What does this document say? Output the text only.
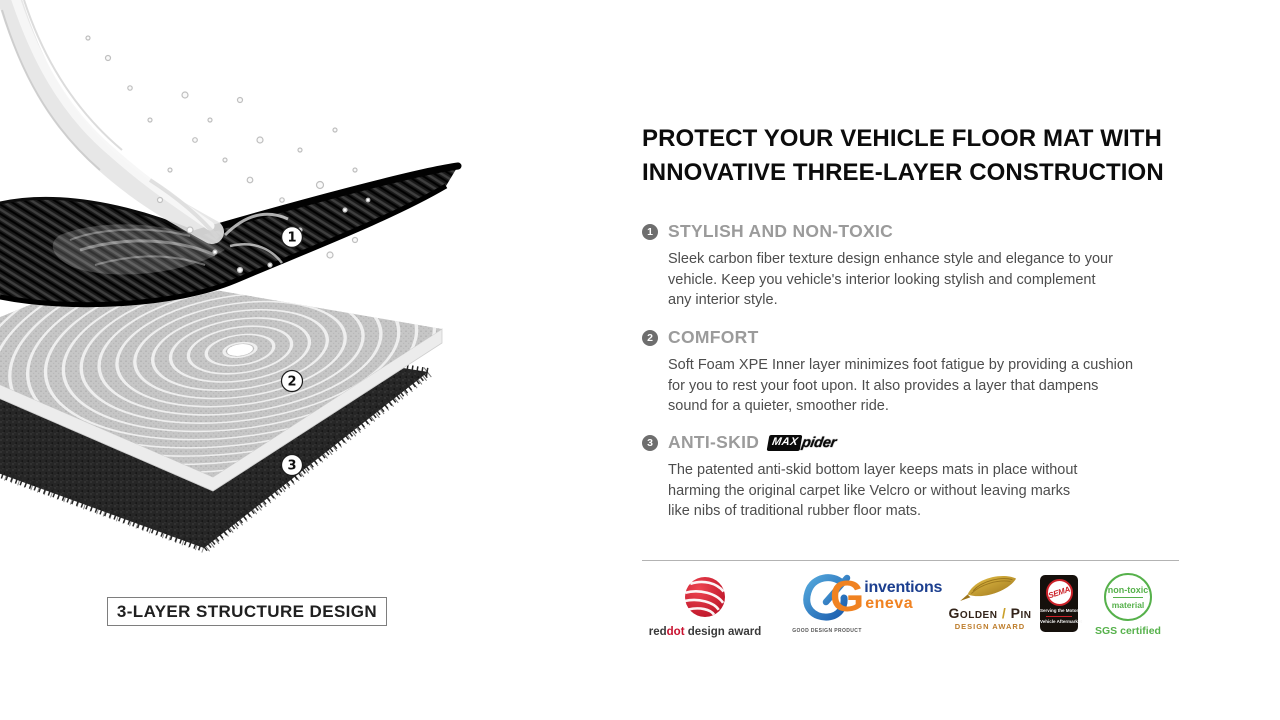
1
2
3
3-LAYER STRUCTURE DESIGN
PROTECT YOUR VEHICLE FLOOR MAT WITH
INNOVATIVE THREE-LAYER CONSTRUCTION
1 STYLISH AND NON-TOXIC
Sleek carbon fiber texture design enhance style and elegance to your
vehicle. Keep you vehicle's interior looking stylish and complement
any interior style.
2 COMFORT
Soft Foam XPE Inner layer minimizes foot fatigue by providing a cushion
for you to rest your foot upon. It also provides a layer that dampens
sound for a quieter, smoother ride.
3 ANTI-SKID	MAX pider
The patented anti-skid bottom layer keeps mats in place without
harming the original carpet like Velcro or without leaving marks
like nibs of traditional rubber floor mats.
reddot design award	GOOD DESIGN PRODUCT
G inventions
eneva
Golden / Pin
DESIGN AWARD
SEMA
Serving the Motor
Vehicle Aftermarket
non-toxic
material
SGS certified
